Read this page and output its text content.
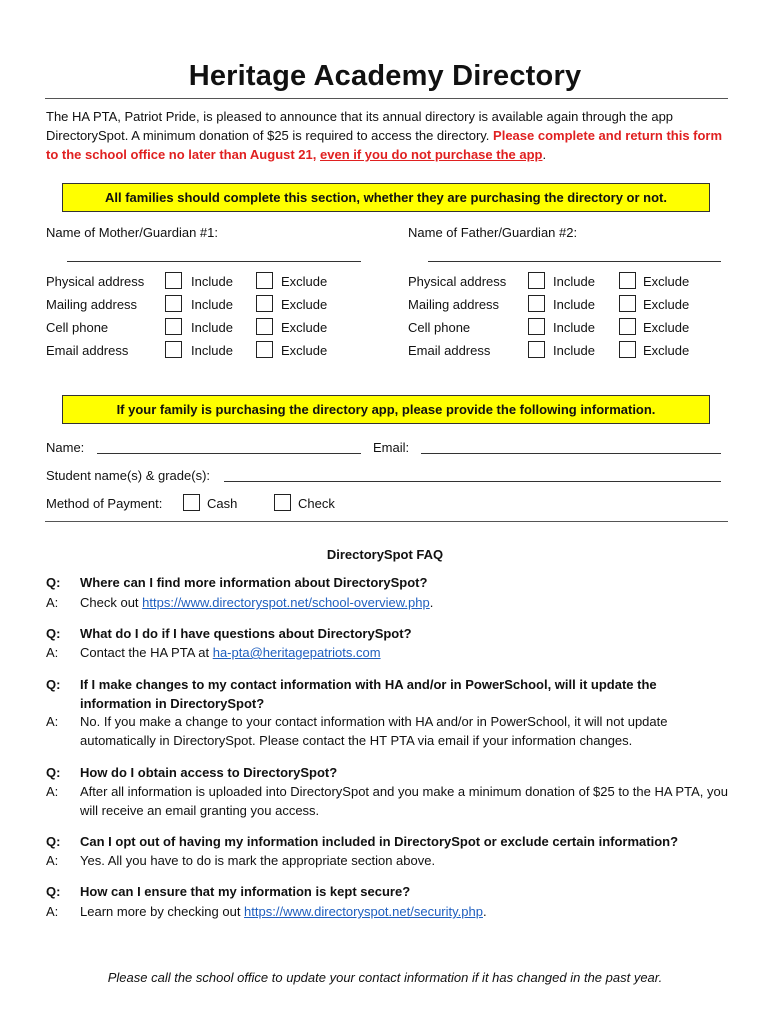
Heritage Academy Directory
The HA PTA, Patriot Pride, is pleased to announce that its annual directory is available again through the app DirectorySpot. A minimum donation of $25 is required to access the directory. Please complete and return this form to the school office no later than August 21, even if you do not purchase the app.
All families should complete this section, whether they are purchasing the directory or not.
Name of Mother/Guardian #1:	Name of Father/Guardian #2:
Physical address	Include	Exclude	Physical address	Include	Exclude
Mailing address	Include	Exclude	Mailing address	Include	Exclude
Cell phone	Include	Exclude	Cell phone	Include	Exclude
Email address	Include	Exclude	Email address	Include	Exclude
If your family is purchasing the directory app, please provide the following information.
Name:	Email:
Student name(s) & grade(s):
Method of Payment:	Cash	Check
DirectorySpot FAQ
Q: Where can I find more information about DirectorySpot?
A: Check out https://www.directoryspot.net/school-overview.php.
Q: What do I do if I have questions about DirectorySpot?
A: Contact the HA PTA at ha-pta@heritagepatriots.com
Q: If I make changes to my contact information with HA and/or in PowerSchool, will it update the information in DirectorySpot?
A: No. If you make a change to your contact information with HA and/or in PowerSchool, it will not update automatically in DirectorySpot. Please contact the HT PTA via email if your information changes.
Q: How do I obtain access to DirectorySpot?
A: After all information is uploaded into DirectorySpot and you make a minimum donation of $25 to the HA PTA, you will receive an email granting you access.
Q: Can I opt out of having my information included in DirectorySpot or exclude certain information?
A: Yes. All you have to do is mark the appropriate section above.
Q: How can I ensure that my information is kept secure?
A: Learn more by checking out https://www.directoryspot.net/security.php.
Please call the school office to update your contact information if it has changed in the past year.
